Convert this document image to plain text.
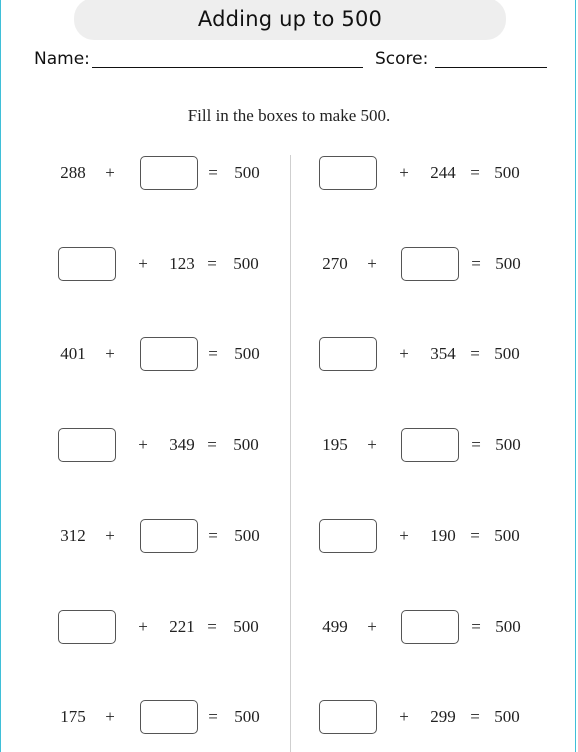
Adding up to 500
Name:	Score:
Fill in the boxes to make 500.
288 +	= 500
+ 123 = 500
401 +	= 500
+ 349 = 500
312 +	= 500
+ 221 = 500
175 +	= 500
+ 244 = 500
270 +	= 500
+ 354 = 500
195 +	= 500
+ 190 = 500
499 +	= 500
+ 299 = 500
